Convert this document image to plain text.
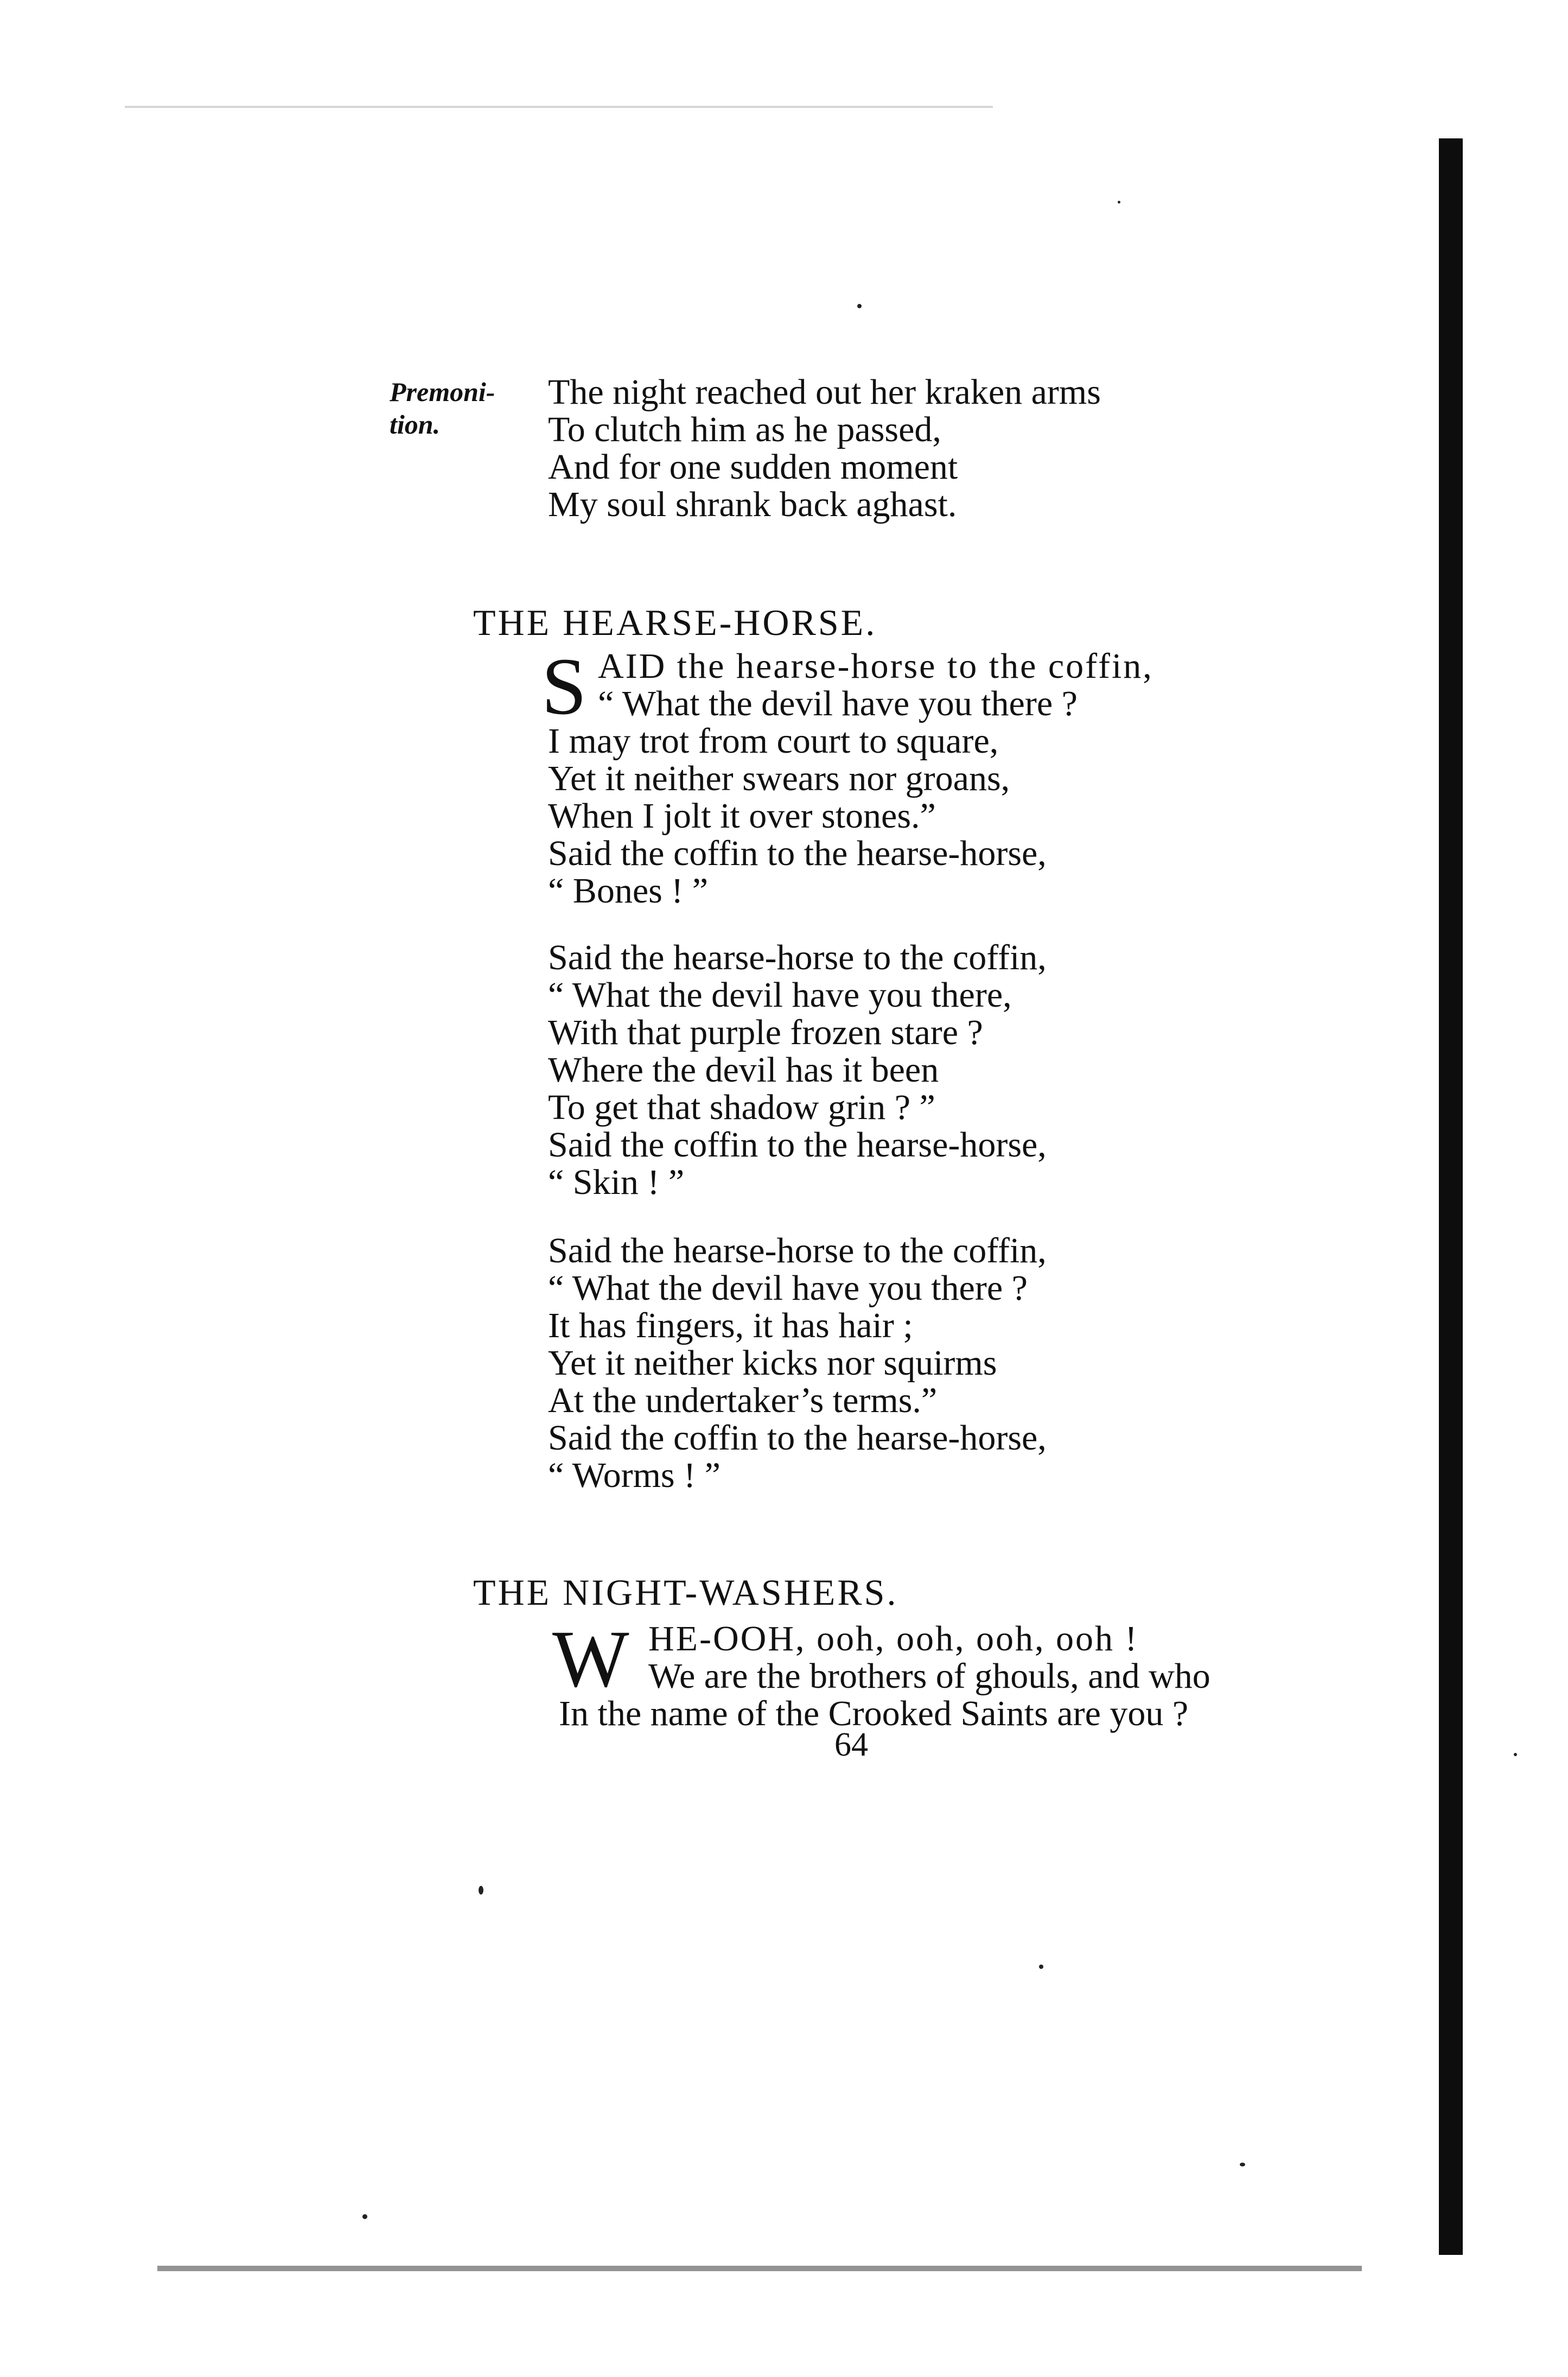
Premoni-
tion.
The night reached out her kraken arms
To clutch him as he passed,
And for one sudden moment
My soul shrank back aghast.
THE HEARSE-HORSE.
S AID the hearse-horse to the coffin,
“ What the devil have you there ?
I may trot from court to square,
Yet it neither swears nor groans,
When I jolt it over stones.”
Said the coffin to the hearse-horse,
“ Bones ! ”
Said the hearse-horse to the coffin,
“ What the devil have you there,
With that purple frozen stare ?
Where the devil has it been
To get that shadow grin ? ”
Said the coffin to the hearse-horse,
“ Skin ! ”
Said the hearse-horse to the coffin,
“ What the devil have you there ?
It has fingers, it has hair ;
Yet it neither kicks nor squirms
At the undertaker’s terms.”
Said the coffin to the hearse-horse,
“ Worms ! ”
THE NIGHT-WASHERS.
W HE-OOH, ooh, ooh, ooh, ooh !
We are the brothers of ghouls, and who
In the name of the Crooked Saints are you ?
64
